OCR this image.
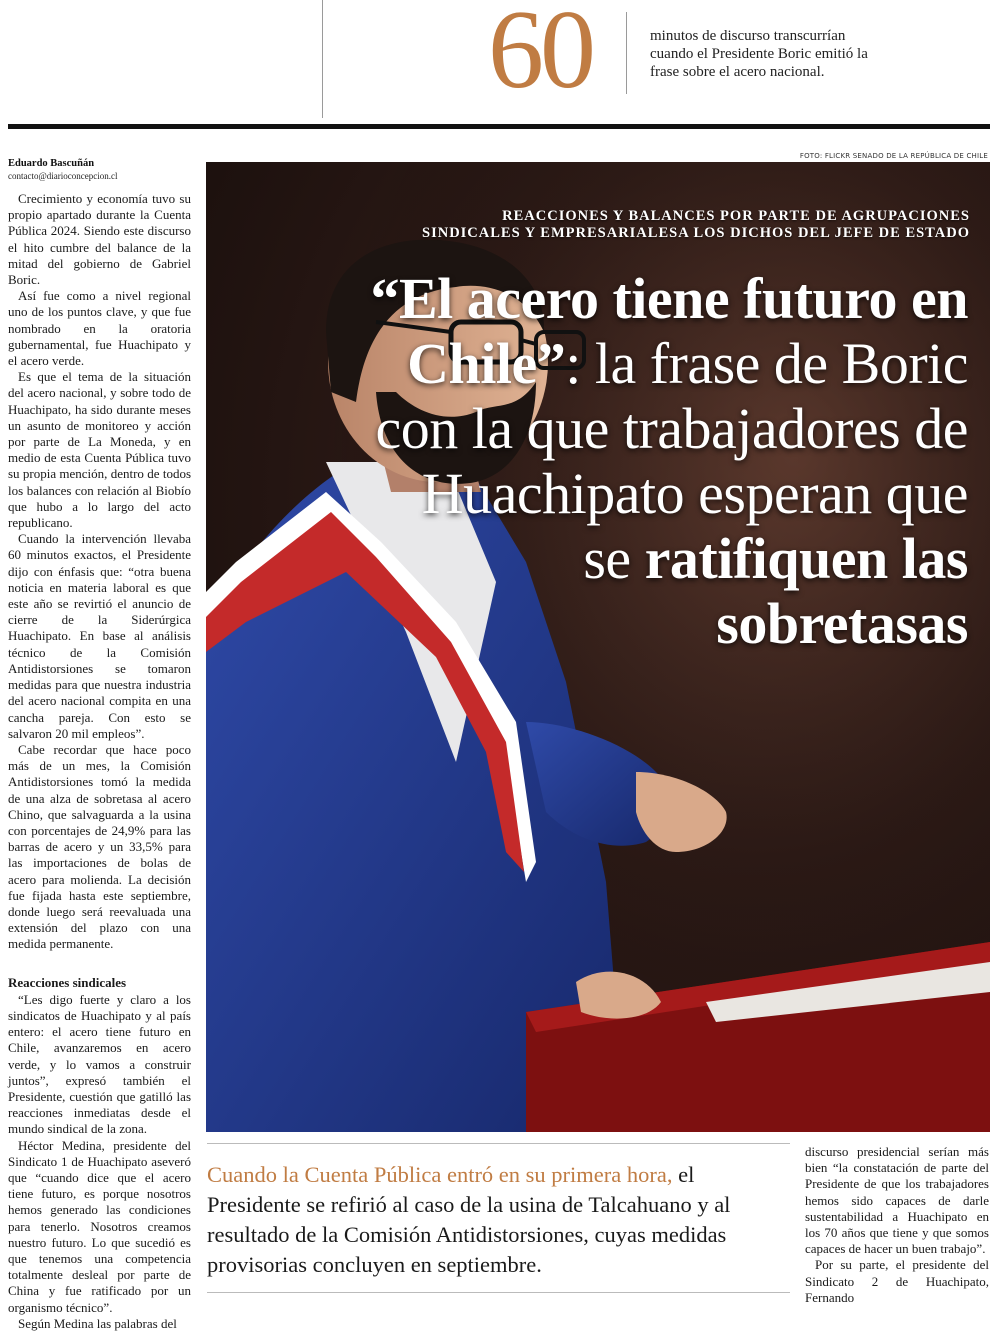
60	minutos de discurso transcurrían cuando el Presidente Boric emitió la frase sobre el acero nacional.
Eduardo Bascuñán
contacto@diarioconcepcion.cl

Crecimiento y economía tuvo su propio apartado durante la Cuenta Pública 2024. Siendo este discurso el hito cumbre del balance de la mitad del gobierno de Gabriel Boric.

Así fue como a nivel regional uno de los puntos clave, y que fue nombrado en la oratoria gubernamental, fue Huachipato y el acero verde.

Es que el tema de la situación del acero nacional, y sobre todo de Huachipato, ha sido durante meses un asunto de monitoreo y acción por parte de La Moneda, y en medio de esta Cuenta Pública tuvo su propia mención, dentro de todos los balances con relación al Biobío que hubo a lo largo del acto republicano.

Cuando la intervención llevaba 60 minutos exactos, el Presidente dijo con énfasis que: “otra buena noticia en materia laboral es que este año se revirtió el anuncio de cierre de la Siderúrgica Huachipato. En base al análisis técnico de la Comisión Antidistorsiones se tomaron medidas para que nuestra industria del acero nacional compita en una cancha pareja. Con esto se salvaron 20 mil empleos”.

Cabe recordar que hace poco más de un mes, la Comisión Antidistorsiones tomó la medida de una alza de sobretasa al acero Chino, que salvaguarda a la usina con porcentajes de 24,9% para las barras de acero y un 33,5% para las importaciones de bolas de acero para molienda. La decisión fue fijada hasta este septiembre, donde luego será reevaluada una extensión del plazo con una medida permanente.

Reacciones sindicales

“Les digo fuerte y claro a los sindicatos de Huachipato y al país entero: el acero tiene futuro en Chile, avanzaremos en acero verde, y lo vamos a construir juntos”, expresó también el Presidente, cuestión que gatilló las reacciones inmediatas desde el mundo sindical de la zona.

Héctor Medina, presidente del Sindicato 1 de Huachipato aseveró que “cuando dice que el acero tiene futuro, es porque nosotros hemos generado las condiciones para tenerlo. Nosotros creamos nuestro futuro. Lo que sucedió es que tenemos una competencia totalmente desleal por parte de China y fue ratificado por un organismo técnico”.

Según Medina las palabras del

FOTO: FLICKR SENADO DE LA REPÚBLICA DE CHILE
REACCIONES Y BALANCES POR PARTE DE AGRUPACIONES SINDICALES Y EMPRESARIALESA LOS DICHOS DEL JEFE DE ESTADO
“El acero tiene futuro en Chile”: la frase de Boric con la que trabajadores de Huachipato esperan que se ratifiquen las sobretasas
Cuando la Cuenta Pública entró en su primera hora, el Presidente se refirió al caso de la usina de Talcahuano y al resultado de la Comisión Antidistorsiones, cuyas medidas provisorias concluyen en septiembre.

discurso presidencial serían más bien “la constatación de parte del Presidente de que los trabajadores hemos sido capaces de darle sustentabilidad a Huachipato en los 70 años que tiene y que somos capaces de hacer un buen trabajo”.

Por su parte, el presidente del Sindicato 2 de Huachipato, Fernando
